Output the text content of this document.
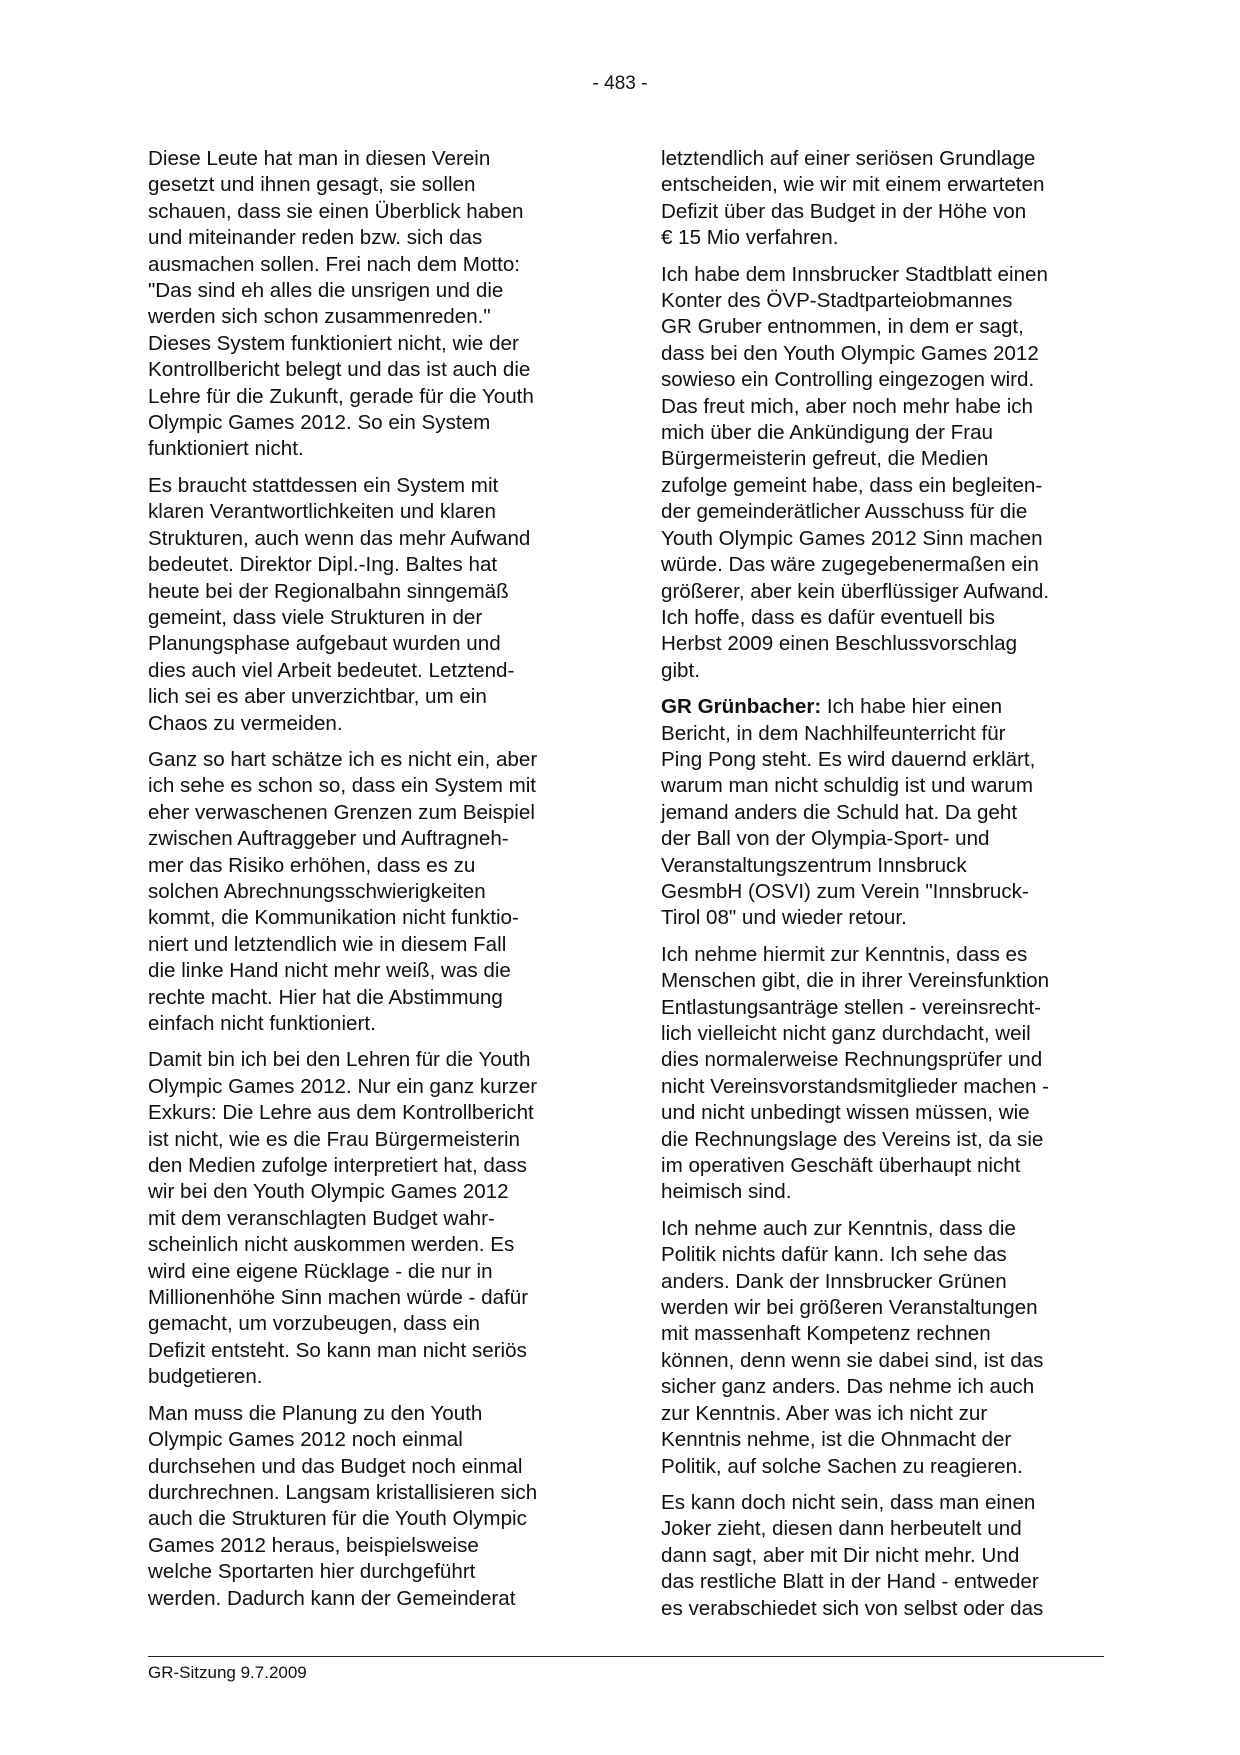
- 483 -

Diese Leute hat man in diesen Verein
gesetzt und ihnen gesagt, sie sollen
schauen, dass sie einen Überblick haben
und miteinander reden bzw. sich das
ausmachen sollen. Frei nach dem Motto:
"Das sind eh alles die unsrigen und die
werden sich schon zusammenreden."
Dieses System funktioniert nicht, wie der
Kontrollbericht belegt und das ist auch die
Lehre für die Zukunft, gerade für die Youth
Olympic Games 2012. So ein System
funktioniert nicht.

Es braucht stattdessen ein System mit
klaren Verantwortlichkeiten und klaren
Strukturen, auch wenn das mehr Aufwand
bedeutet. Direktor Dipl.-Ing. Baltes hat
heute bei der Regionalbahn sinngemäß
gemeint, dass viele Strukturen in der
Planungsphase aufgebaut wurden und
dies auch viel Arbeit bedeutet. Letztend-
lich sei es aber unverzichtbar, um ein
Chaos zu vermeiden.

Ganz so hart schätze ich es nicht ein, aber
ich sehe es schon so, dass ein System mit
eher verwaschenen Grenzen zum Beispiel
zwischen Auftraggeber und Auftragneh-
mer das Risiko erhöhen, dass es zu
solchen Abrechnungsschwierigkeiten
kommt, die Kommunikation nicht funktio-
niert und letztendlich wie in diesem Fall
die linke Hand nicht mehr weiß, was die
rechte macht. Hier hat die Abstimmung
einfach nicht funktioniert.

Damit bin ich bei den Lehren für die Youth
Olympic Games 2012. Nur ein ganz kurzer
Exkurs: Die Lehre aus dem Kontrollbericht
ist nicht, wie es die Frau Bürgermeisterin
den Medien zufolge interpretiert hat, dass
wir bei den Youth Olympic Games 2012
mit dem veranschlagten Budget wahr-
scheinlich nicht auskommen werden. Es
wird eine eigene Rücklage - die nur in
Millionenhöhe Sinn machen würde - dafür
gemacht, um vorzubeugen, dass ein
Defizit entsteht. So kann man nicht seriös
budgetieren.

Man muss die Planung zu den Youth
Olympic Games 2012 noch einmal
durchsehen und das Budget noch einmal
durchrechnen. Langsam kristallisieren sich
auch die Strukturen für die Youth Olympic
Games 2012 heraus, beispielsweise
welche Sportarten hier durchgeführt
werden. Dadurch kann der Gemeinderat

letztendlich auf einer seriösen Grundlage
entscheiden, wie wir mit einem erwarteten
Defizit über das Budget in der Höhe von
€ 15 Mio verfahren.

Ich habe dem Innsbrucker Stadtblatt einen
Konter des ÖVP-Stadtparteiobmannes
GR Gruber entnommen, in dem er sagt,
dass bei den Youth Olympic Games 2012
sowieso ein Controlling eingezogen wird.
Das freut mich, aber noch mehr habe ich
mich über die Ankündigung der Frau
Bürgermeisterin gefreut, die Medien
zufolge gemeint habe, dass ein begleiten-
der gemeinderätlicher Ausschuss für die
Youth Olympic Games 2012 Sinn machen
würde. Das wäre zugegebenermaßen ein
größerer, aber kein überflüssiger Aufwand.
Ich hoffe, dass es dafür eventuell bis
Herbst 2009 einen Beschlussvorschlag
gibt.

GR Grünbacher: Ich habe hier einen
Bericht, in dem Nachhilfeunterricht für
Ping Pong steht. Es wird dauernd erklärt,
warum man nicht schuldig ist und warum
jemand anders die Schuld hat. Da geht
der Ball von der Olympia-Sport- und
Veranstaltungszentrum Innsbruck
GesmbH (OSVI) zum Verein "Innsbruck-
Tirol 08" und wieder retour.

Ich nehme hiermit zur Kenntnis, dass es
Menschen gibt, die in ihrer Vereinsfunktion
Entlastungsanträge stellen - vereinsrecht-
lich vielleicht nicht ganz durchdacht, weil
dies normalerweise Rechnungsprüfer und
nicht Vereinsvorstandsmitglieder machen -
und nicht unbedingt wissen müssen, wie
die Rechnungslage des Vereins ist, da sie
im operativen Geschäft überhaupt nicht
heimisch sind.

Ich nehme auch zur Kenntnis, dass die
Politik nichts dafür kann. Ich sehe das
anders. Dank der Innsbrucker Grünen
werden wir bei größeren Veranstaltungen
mit massenhaft Kompetenz rechnen
können, denn wenn sie dabei sind, ist das
sicher ganz anders. Das nehme ich auch
zur Kenntnis. Aber was ich nicht zur
Kenntnis nehme, ist die Ohnmacht der
Politik, auf solche Sachen zu reagieren.

Es kann doch nicht sein, dass man einen
Joker zieht, diesen dann herbeutelt und
dann sagt, aber mit Dir nicht mehr. Und
das restliche Blatt in der Hand - entweder
es verabschiedet sich von selbst oder das

GR-Sitzung 9.7.2009
